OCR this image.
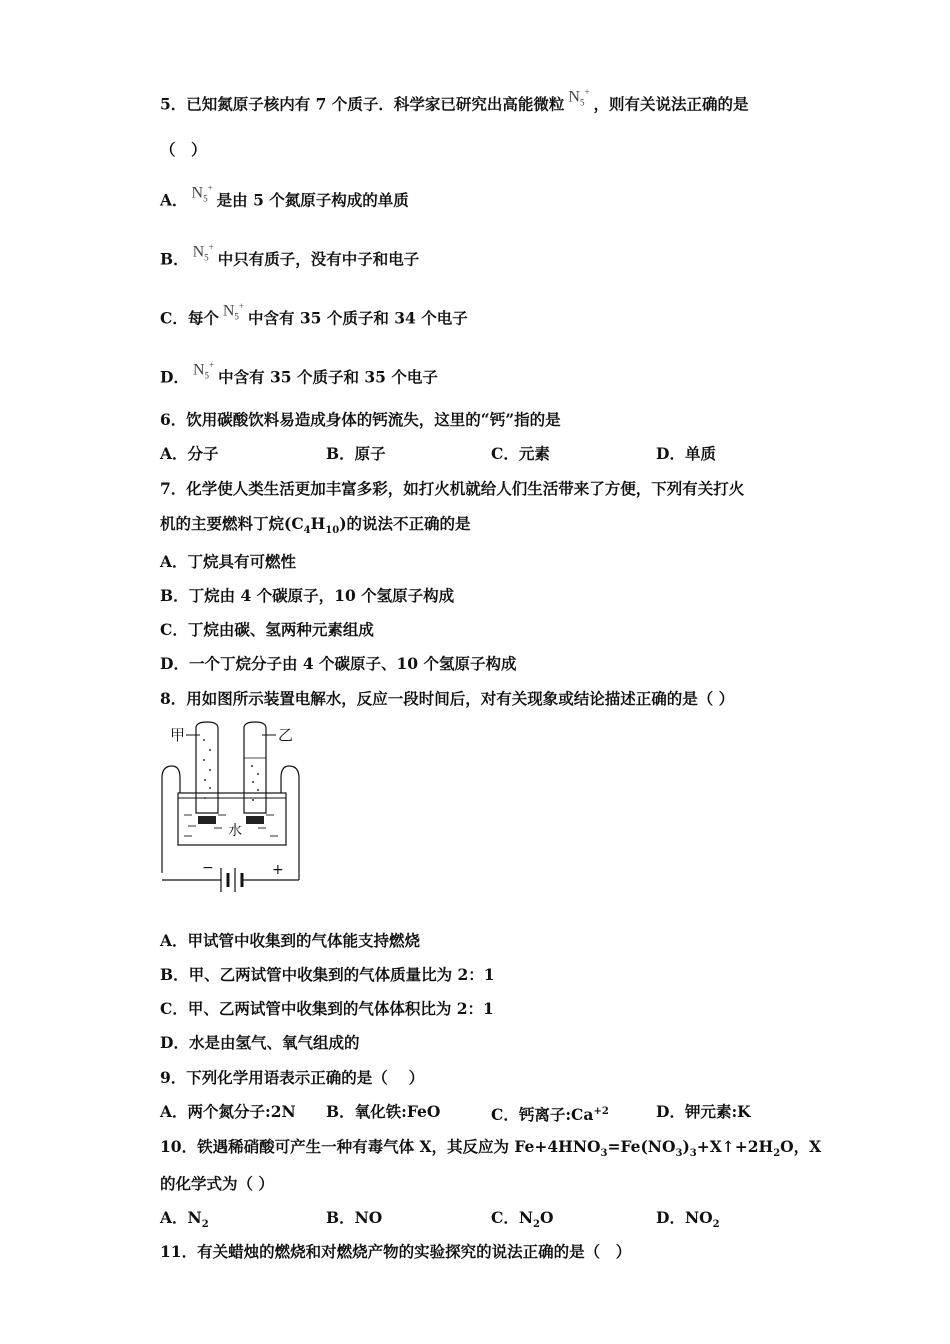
5．已知氮原子核内有 7 个质子．科学家已研究出高能微粒 $N_5^+$，则有关说法正确的是
（　）
A． $N_5^+$是由 5 个氮原子构成的单质
B． $N_5^+$中只有质子，没有中子和电子
C．每个 $N_5^+$中含有 35 个质子和 34 个电子
D． $N_5^+$中含有 35 个质子和 35 个电子
6．饮用碳酸饮料易造成身体的钙流失，这里的“钙”指的是
A．分子	B．原子	C．元素	D．单质
7．化学使人类生活更加丰富多彩，如打火机就给人们生活带来了方便，下列有关打火
机的主要燃料丁烷$(C_4H_{10})$的说法不正确的是
A．丁烷具有可燃性
B．丁烷由 4 个碳原子，10 个氢原子构成
C．丁烷由碳、氢两种元素组成
D．一个丁烷分子由 4 个碳原子、10 个氢原子构成
8．用如图所示装置电解水，反应一段时间后，对有关现象或结论描述正确的是（ ）
甲	乙
水
−	+
A．甲试管中收集到的气体能支持燃烧
B．甲、乙两试管中收集到的气体质量比为 2：1
C．甲、乙两试管中收集到的气体体积比为 2：1
D．水是由氢气、氧气组成的
9．下列化学用语表示正确的是（　 ）
A．两个氮分子:2N B．氧化铁:FeO	C．钙离子$:Ca^{+2}$	D．钾元素:K
10．铁遇稀硝酸可产生一种有毒气体 X，其反应为 $Fe+4HNO_3=Fe(NO_3)_3+X↑+2H_2O$，X
的化学式为（ ）
A．$N_2$	B．NO	C．$N_2O$	D．$NO_2$
11．有关蜡烛的燃烧和对燃烧产物的实验探究的说法正确的是（　）
